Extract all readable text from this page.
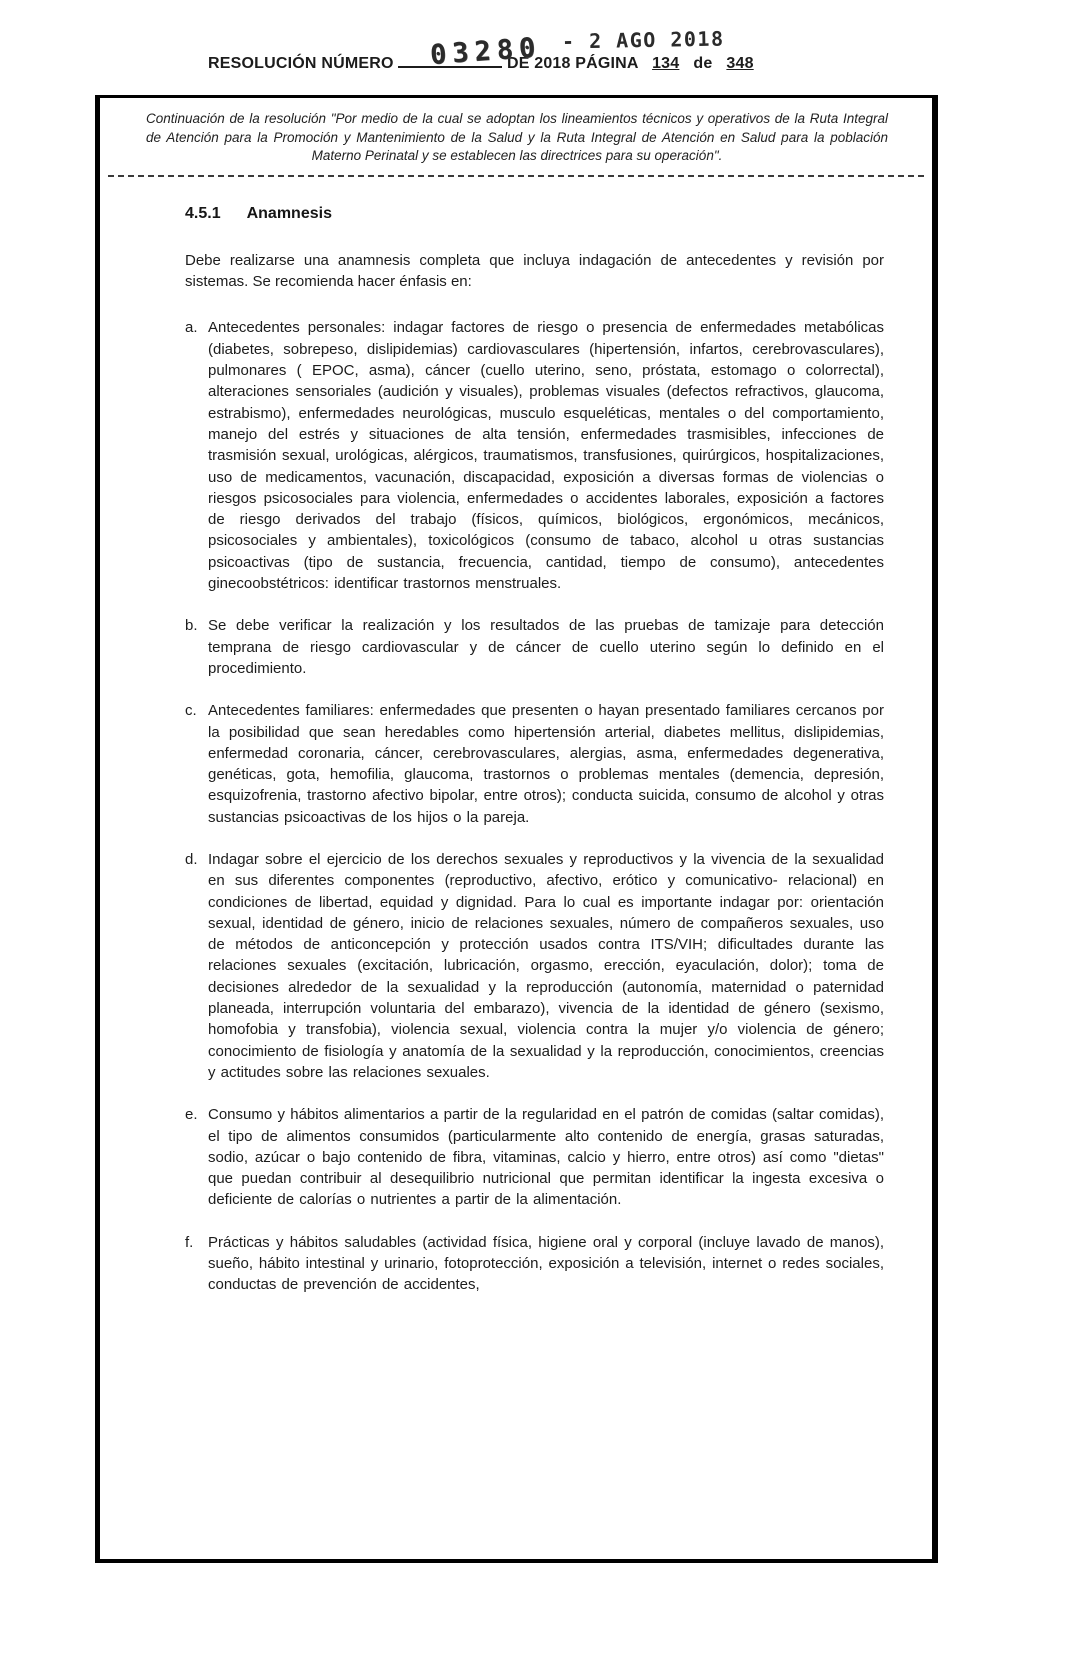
RESOLUCIÓN NÚMERO	DE 2018 PÁGINA 134 de 348
03280 - 2 AGO 2018

Continuación de la resolución "Por medio de la cual se adoptan los lineamientos técnicos y operativos de la Ruta Integral de Atención para la Promoción y Mantenimiento de la Salud y la Ruta Integral de Atención en Salud para la población Materno Perinatal y se establecen las directrices para su operación".

4.5.1 Anamnesis

Debe realizarse una anamnesis completa que incluya indagación de antecedentes y revisión por sistemas. Se recomienda hacer énfasis en:

a. Antecedentes personales: indagar factores de riesgo o presencia de enfermedades metabólicas (diabetes, sobrepeso, dislipidemias) cardiovasculares (hipertensión, infartos, cerebrovasculares), pulmonares ( EPOC, asma), cáncer (cuello uterino, seno, próstata, estomago o colorrectal), alteraciones sensoriales (audición y visuales), problemas visuales (defectos refractivos, glaucoma, estrabismo), enfermedades neurológicas, musculo esqueléticas, mentales o del comportamiento, manejo del estrés y situaciones de alta tensión, enfermedades trasmisibles, infecciones de trasmisión sexual, urológicas, alérgicos, traumatismos, transfusiones, quirúrgicos, hospitalizaciones, uso de medicamentos, vacunación, discapacidad, exposición a diversas formas de violencias o riesgos psicosociales para violencia, enfermedades o accidentes laborales, exposición a factores de riesgo derivados del trabajo (físicos, químicos, biológicos, ergonómicos, mecánicos, psicosociales y ambientales), toxicológicos (consumo de tabaco, alcohol u otras sustancias psicoactivas (tipo de sustancia, frecuencia, cantidad, tiempo de consumo), antecedentes ginecoobstétricos: identificar trastornos menstruales.

b. Se debe verificar la realización y los resultados de las pruebas de tamizaje para detección temprana de riesgo cardiovascular y de cáncer de cuello uterino según lo definido en el procedimiento.

c. Antecedentes familiares: enfermedades que presenten o hayan presentado familiares cercanos por la posibilidad que sean heredables como hipertensión arterial, diabetes mellitus, dislipidemias, enfermedad coronaria, cáncer, cerebrovasculares, alergias, asma, enfermedades degenerativa, genéticas, gota, hemofilia, glaucoma, trastornos o problemas mentales (demencia, depresión, esquizofrenia, trastorno afectivo bipolar, entre otros); conducta suicida, consumo de alcohol y otras sustancias psicoactivas de los hijos o la pareja.

d. Indagar sobre el ejercicio de los derechos sexuales y reproductivos y la vivencia de la sexualidad en sus diferentes componentes (reproductivo, afectivo, erótico y comunicativo- relacional) en condiciones de libertad, equidad y dignidad. Para lo cual es importante indagar por: orientación sexual, identidad de género, inicio de relaciones sexuales, número de compañeros sexuales, uso de métodos de anticoncepción y protección usados contra ITS/VIH; dificultades durante las relaciones sexuales (excitación, lubricación, orgasmo, erección, eyaculación, dolor); toma de decisiones alrededor de la sexualidad y la reproducción (autonomía, maternidad o paternidad planeada, interrupción voluntaria del embarazo), vivencia de la identidad de género (sexismo, homofobia y transfobia), violencia sexual, violencia contra la mujer y/o violencia de género; conocimiento de fisiología y anatomía de la sexualidad y la reproducción, conocimientos, creencias y actitudes sobre las relaciones sexuales.

e. Consumo y hábitos alimentarios a partir de la regularidad en el patrón de comidas (saltar comidas), el tipo de alimentos consumidos (particularmente alto contenido de energía, grasas saturadas, sodio, azúcar o bajo contenido de fibra, vitaminas, calcio y hierro, entre otros) así como "dietas" que puedan contribuir al desequilibrio nutricional que permitan identificar la ingesta excesiva o deficiente de calorías o nutrientes a partir de la alimentación.

f. Prácticas y hábitos saludables (actividad física, higiene oral y corporal (incluye lavado de manos), sueño, hábito intestinal y urinario, fotoprotección, exposición a televisión, internet o redes sociales, conductas de prevención de accidentes,
